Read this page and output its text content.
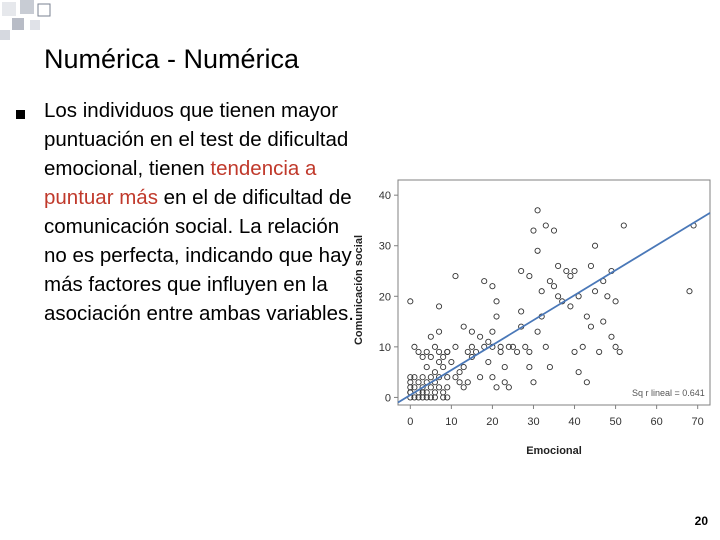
Numérica - Numérica
Los individuos que tienen mayor puntuación en el test de dificultad emocional, tienen tendencia a puntuar más en el de dificultad de comunicación social. La relación no es perfecta, indicando que hay más factores que influyen en la asociación entre ambas variables.
0
10
20
30
40
0	10	20	30	40	50	60	70
Sq r lineal = 0.641
Emocional
Comunicación social
20
